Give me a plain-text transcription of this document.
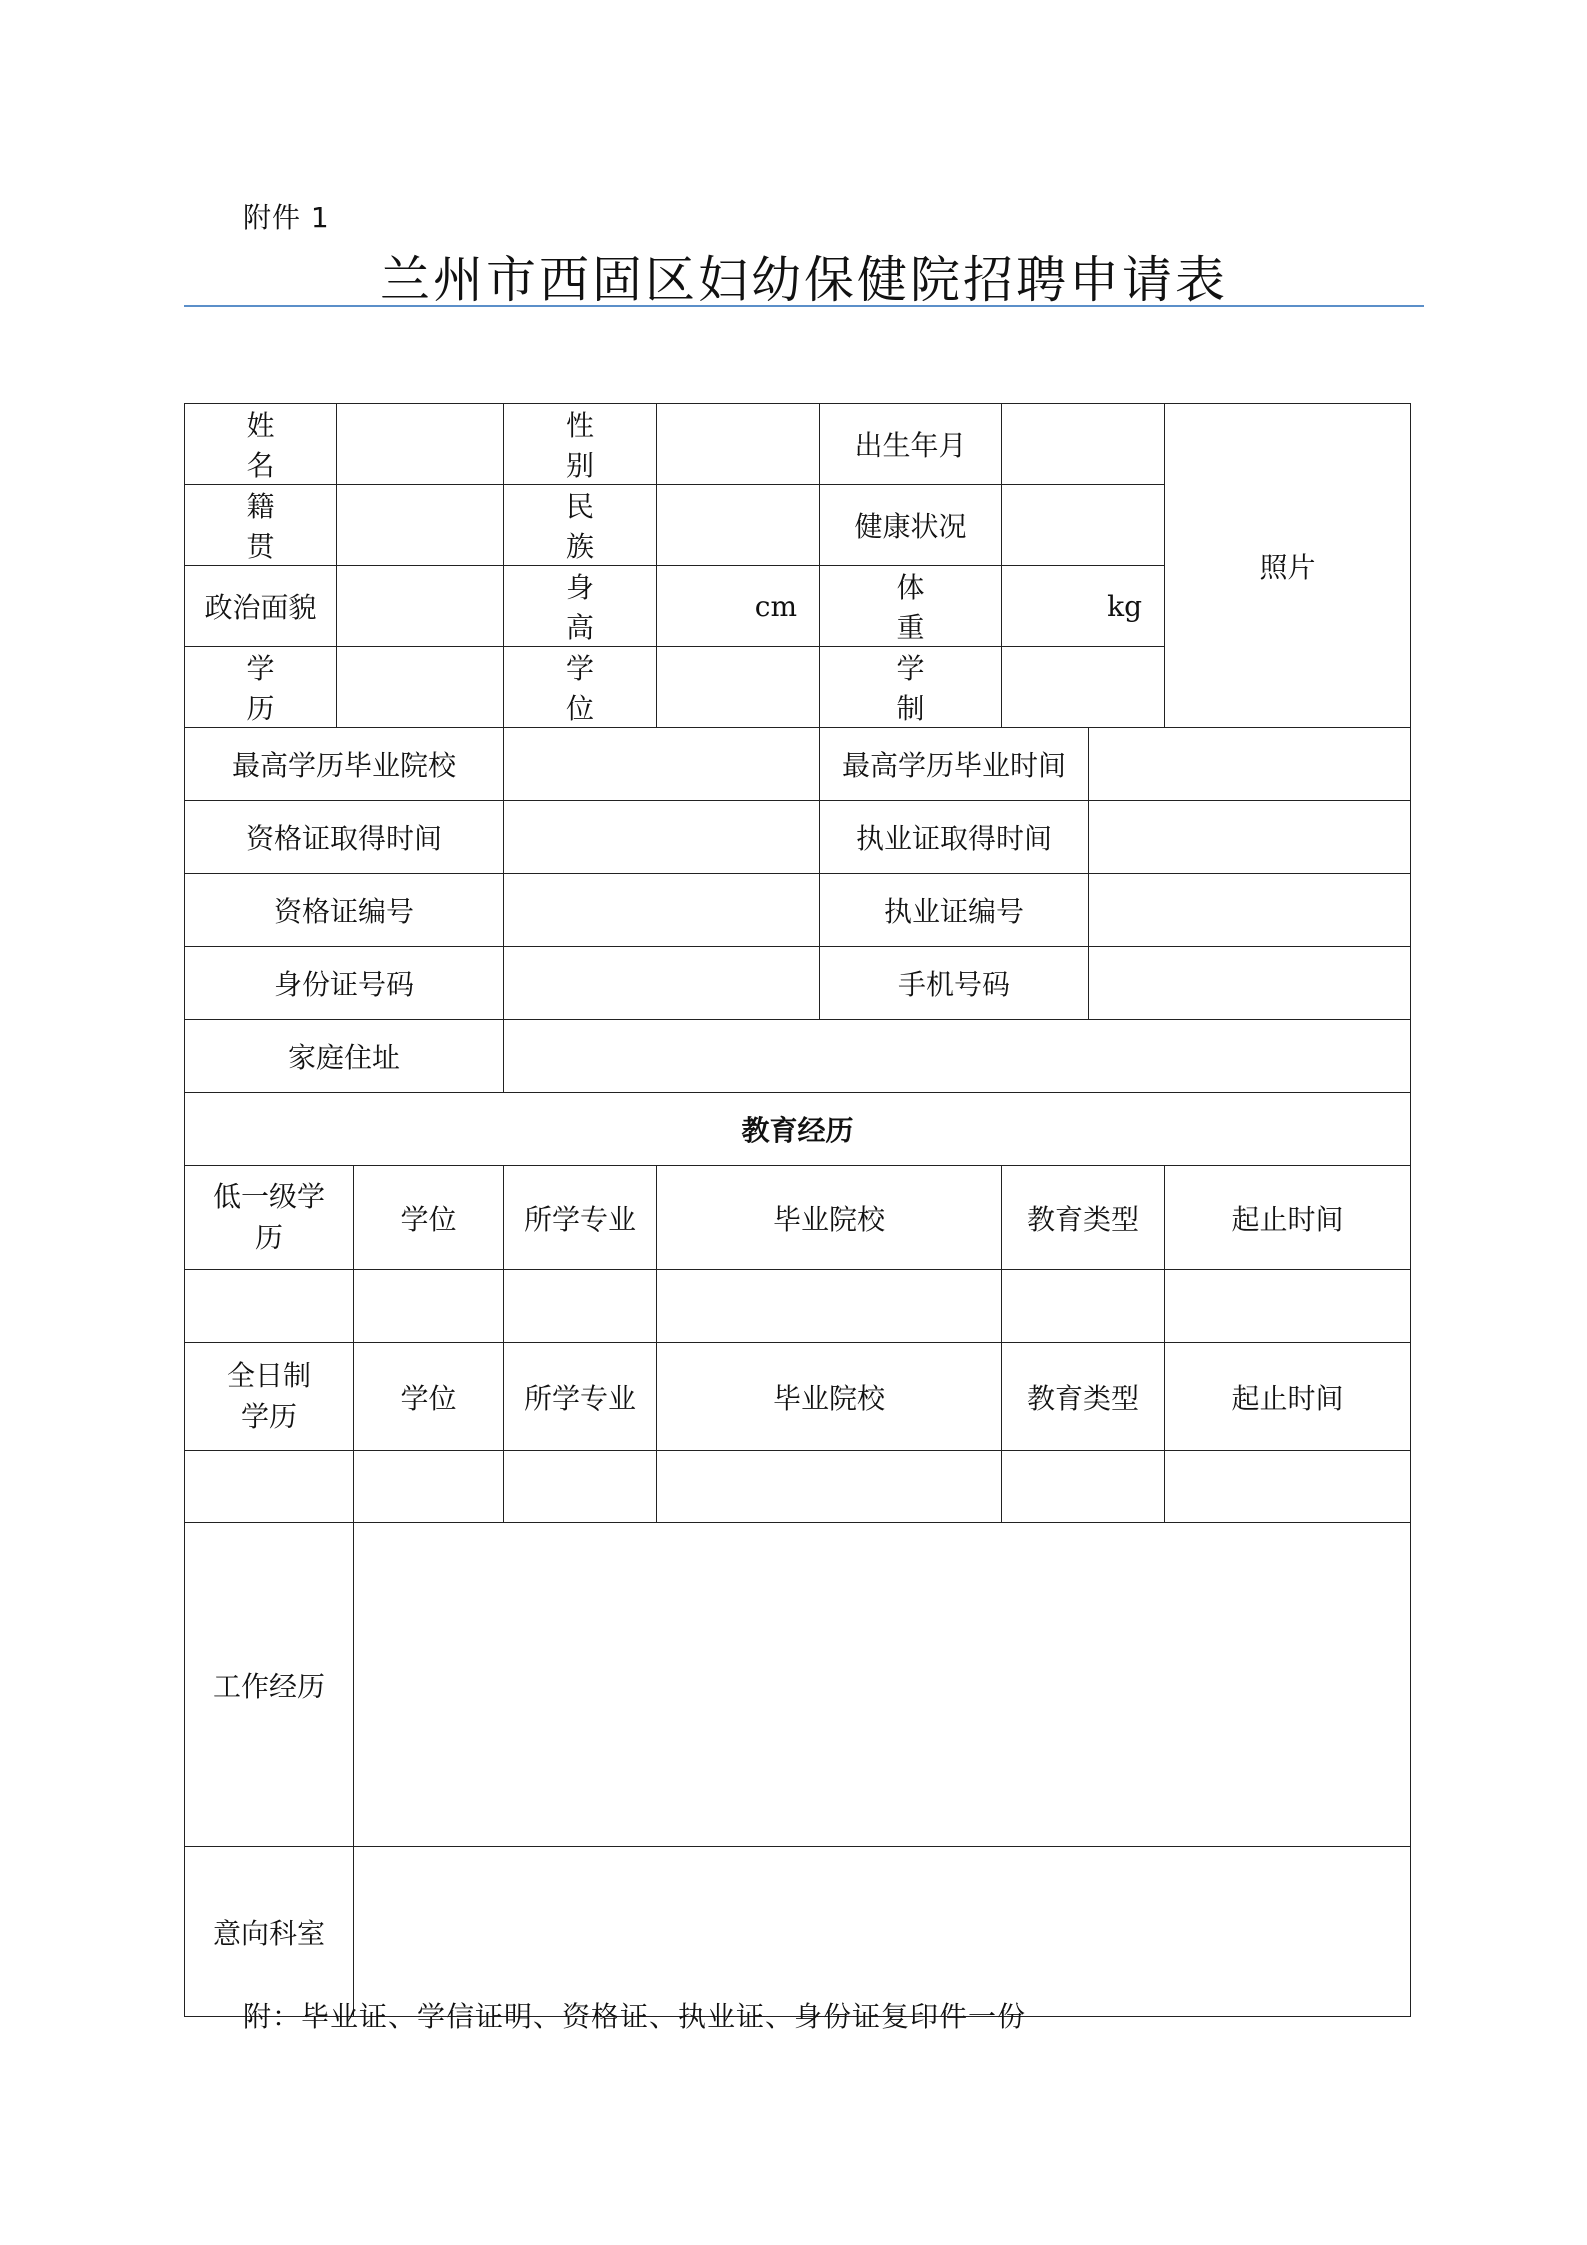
附件 1
兰州市西固区妇幼保健院招聘申请表
姓 名			性 别		出生年月			照片
籍 贯			民 族		健康状况			
政治面貌			身 高	cm	体 重	kg		
学 历			学 位		学 制			
最高学历毕业院校					最高学历毕业时间			
资格证取得时间					执业证取得时间			
资格证编号					执业证编号			
身份证号码					手机号码			
家庭住址								
教育经历								
低一级学历		学位	所学专业	毕业院校		教育类型		起止时间

全日制学历		学位	所学专业	毕业院校		教育类型		起止时间

工作经历								
意向科室								
附：毕业证、学信证明、资格证、执业证、身份证复印件一份
